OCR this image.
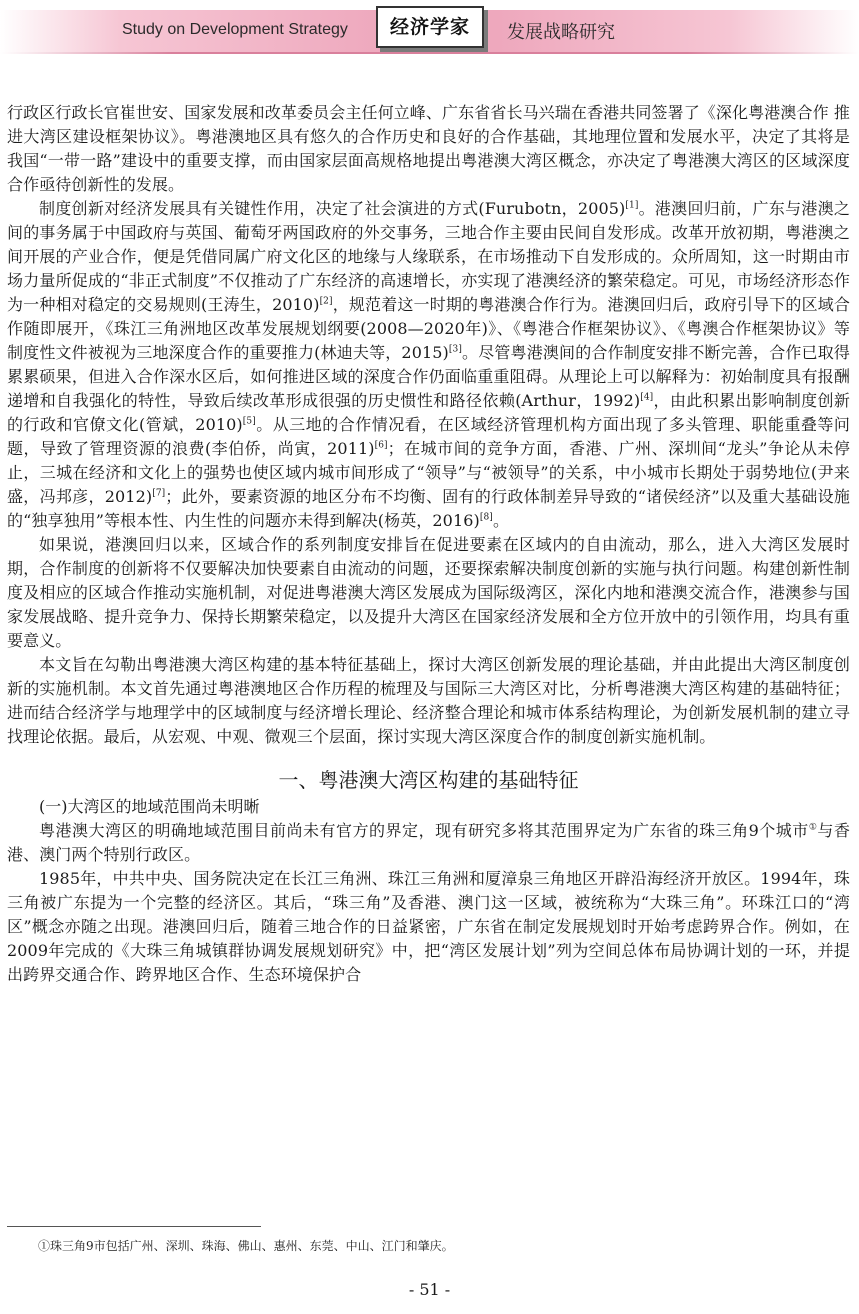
Study on Development Strategy	经济学家	发展战略研究

行政区行政长官崔世安、国家发展和改革委员会主任何立峰、广东省省长马兴瑞在香港共同签署了《深化粤港澳合作 推进大湾区建设框架协议》。粤港澳地区具有悠久的合作历史和良好的合作基础，其地理位置和发展水平，决定了其将是我国“一带一路”建设中的重要支撑，而由国家层面高规格地提出粤港澳大湾区概念，亦决定了粤港澳大湾区的区域深度合作亟待创新性的发展。

制度创新对经济发展具有关键性作用，决定了社会演进的方式(Furubotn，2005)[1]。港澳回归前，广东与港澳之间的事务属于中国政府与英国、葡萄牙两国政府的外交事务，三地合作主要由民间自发形成。改革开放初期，粤港澳之间开展的产业合作，便是凭借同属广府文化区的地缘与人缘联系，在市场推动下自发形成的。众所周知，这一时期由市场力量所促成的“非正式制度”不仅推动了广东经济的高速增长，亦实现了港澳经济的繁荣稳定。可见，市场经济形态作为一种相对稳定的交易规则(王涛生，2010)[2]，规范着这一时期的粤港澳合作行为。港澳回归后，政府引导下的区域合作随即展开，《珠江三角洲地区改革发展规划纲要(2008—2020年)》、《粤港合作框架协议》、《粤澳合作框架协议》等制度性文件被视为三地深度合作的重要推力(林迪夫等，2015)[3]。尽管粤港澳间的合作制度安排不断完善，合作已取得累累硕果，但进入合作深水区后，如何推进区域的深度合作仍面临重重阻碍。从理论上可以解释为：初始制度具有报酬递增和自我强化的特性，导致后续改革形成很强的历史惯性和路径依赖(Arthur，1992)[4]，由此积累出影响制度创新的行政和官僚文化(管斌，2010)[5]。从三地的合作情况看，在区域经济管理机构方面出现了多头管理、职能重叠等问题，导致了管理资源的浪费(李伯侨，尚寅，2011)[6]；在城市间的竞争方面，香港、广州、深圳间“龙头”争论从未停止，三城在经济和文化上的强势也使区域内城市间形成了“领导”与“被领导”的关系，中小城市长期处于弱势地位(尹来盛，冯邦彦，2012)[7]；此外，要素资源的地区分布不均衡、固有的行政体制差异导致的“诸侯经济”以及重大基础设施的“独享独用”等根本性、内生性的问题亦未得到解决(杨英，2016)[8]。

如果说，港澳回归以来，区域合作的系列制度安排旨在促进要素在区域内的自由流动，那么，进入大湾区发展时期，合作制度的创新将不仅要解决加快要素自由流动的问题，还要探索解决制度创新的实施与执行问题。构建创新性制度及相应的区域合作推动实施机制，对促进粤港澳大湾区发展成为国际级湾区，深化内地和港澳交流合作，港澳参与国家发展战略、提升竞争力、保持长期繁荣稳定，以及提升大湾区在国家经济发展和全方位开放中的引领作用，均具有重要意义。

本文旨在勾勒出粤港澳大湾区构建的基本特征基础上，探讨大湾区创新发展的理论基础，并由此提出大湾区制度创新的实施机制。本文首先通过粤港澳地区合作历程的梳理及与国际三大湾区对比，分析粤港澳大湾区构建的基础特征；进而结合经济学与地理学中的区域制度与经济增长理论、经济整合理论和城市体系结构理论，为创新发展机制的建立寻找理论依据。最后，从宏观、中观、微观三个层面，探讨实现大湾区深度合作的制度创新实施机制。

一、粤港澳大湾区构建的基础特征
(一)大湾区的地域范围尚未明晰

粤港澳大湾区的明确地域范围目前尚未有官方的界定，现有研究多将其范围界定为广东省的珠三角9个城市①与香港、澳门两个特别行政区。

1985年，中共中央、国务院决定在长江三角洲、珠江三角洲和厦漳泉三角地区开辟沿海经济开放区。1994年，珠三角被广东提为一个完整的经济区。其后，“珠三角”及香港、澳门这一区域，被统称为“大珠三角”。环珠江口的“湾区”概念亦随之出现。港澳回归后，随着三地合作的日益紧密，广东省在制定发展规划时开始考虑跨界合作。例如，在2009年完成的《大珠三角城镇群协调发展规划研究》中，把“湾区发展计划”列为空间总体布局协调计划的一环，并提出跨界交通合作、跨界地区合作、生态环境保护合

①珠三角9市包括广州、深圳、珠海、佛山、惠州、东莞、中山、江门和肇庆。
- 51 -
